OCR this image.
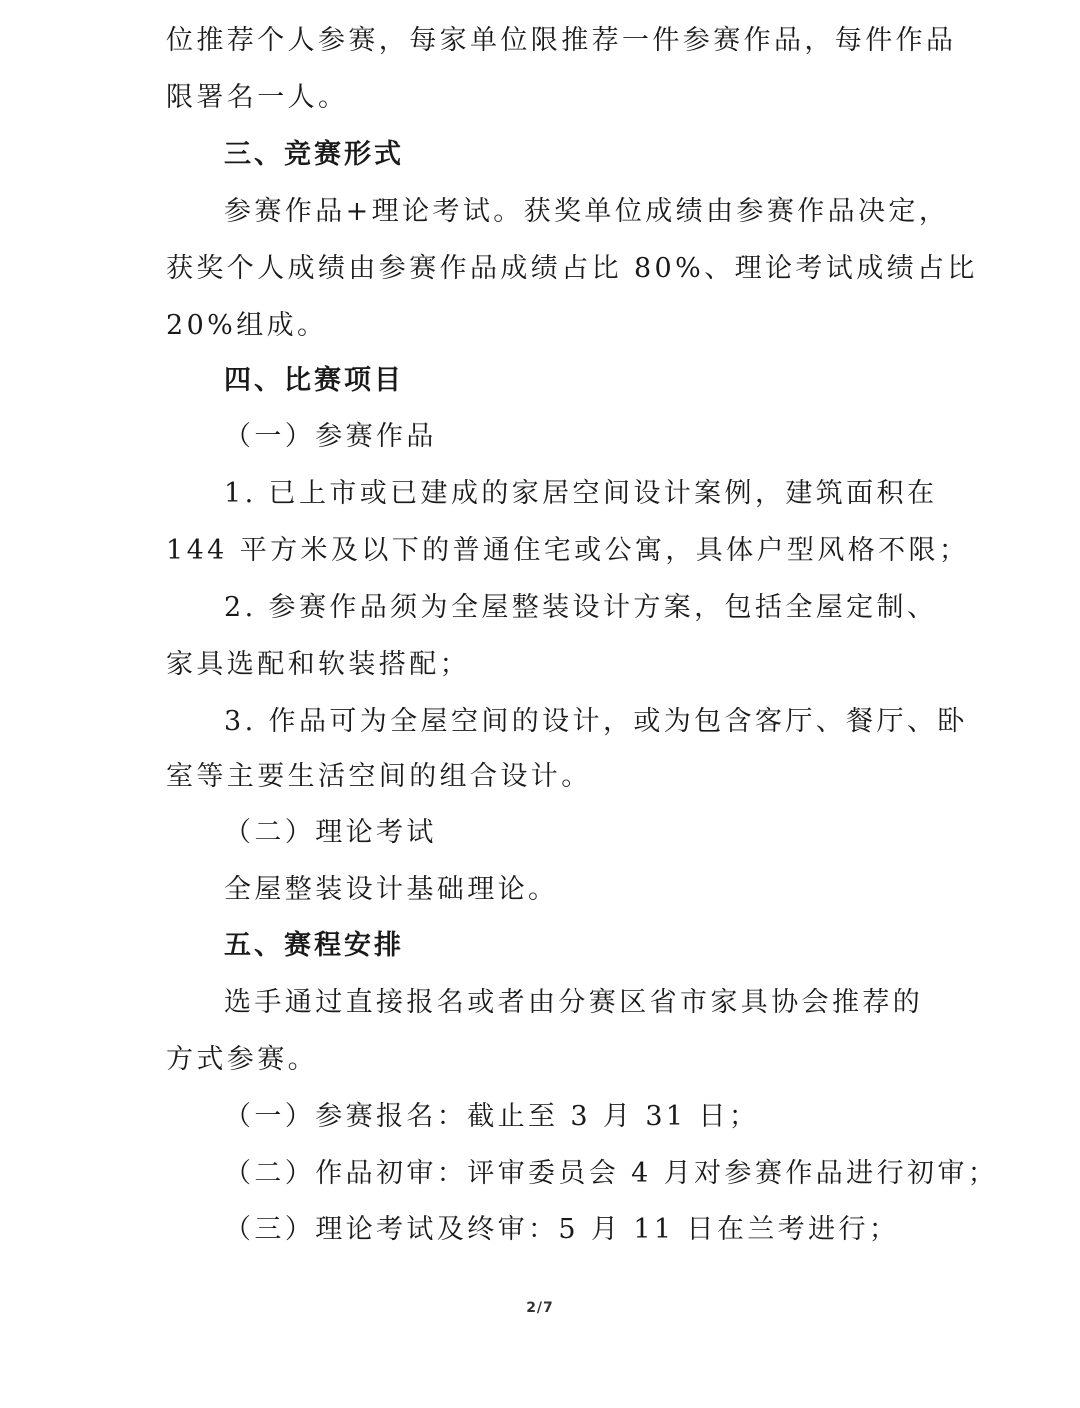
位推荐个人参赛，每家单位限推荐一件参赛作品，每件作品
限署名一人。
三、竞赛形式
参赛作品+理论考试。获奖单位成绩由参赛作品决定，
获奖个人成绩由参赛作品成绩占比 80%、理论考试成绩占比
20%组成。
四、比赛项目
（一）参赛作品
1. 已上市或已建成的家居空间设计案例，建筑面积在
144 平方米及以下的普通住宅或公寓，具体户型风格不限；
2. 参赛作品须为全屋整装设计方案，包括全屋定制、
家具选配和软装搭配；
3. 作品可为全屋空间的设计，或为包含客厅、餐厅、卧
室等主要生活空间的组合设计。
（二）理论考试
全屋整装设计基础理论。
五、赛程安排
选手通过直接报名或者由分赛区省市家具协会推荐的
方式参赛。
（一）参赛报名：截止至 3 月 31 日；
（二）作品初审：评审委员会 4 月对参赛作品进行初审；
（三）理论考试及终审：5 月 11 日在兰考进行；
2/7
